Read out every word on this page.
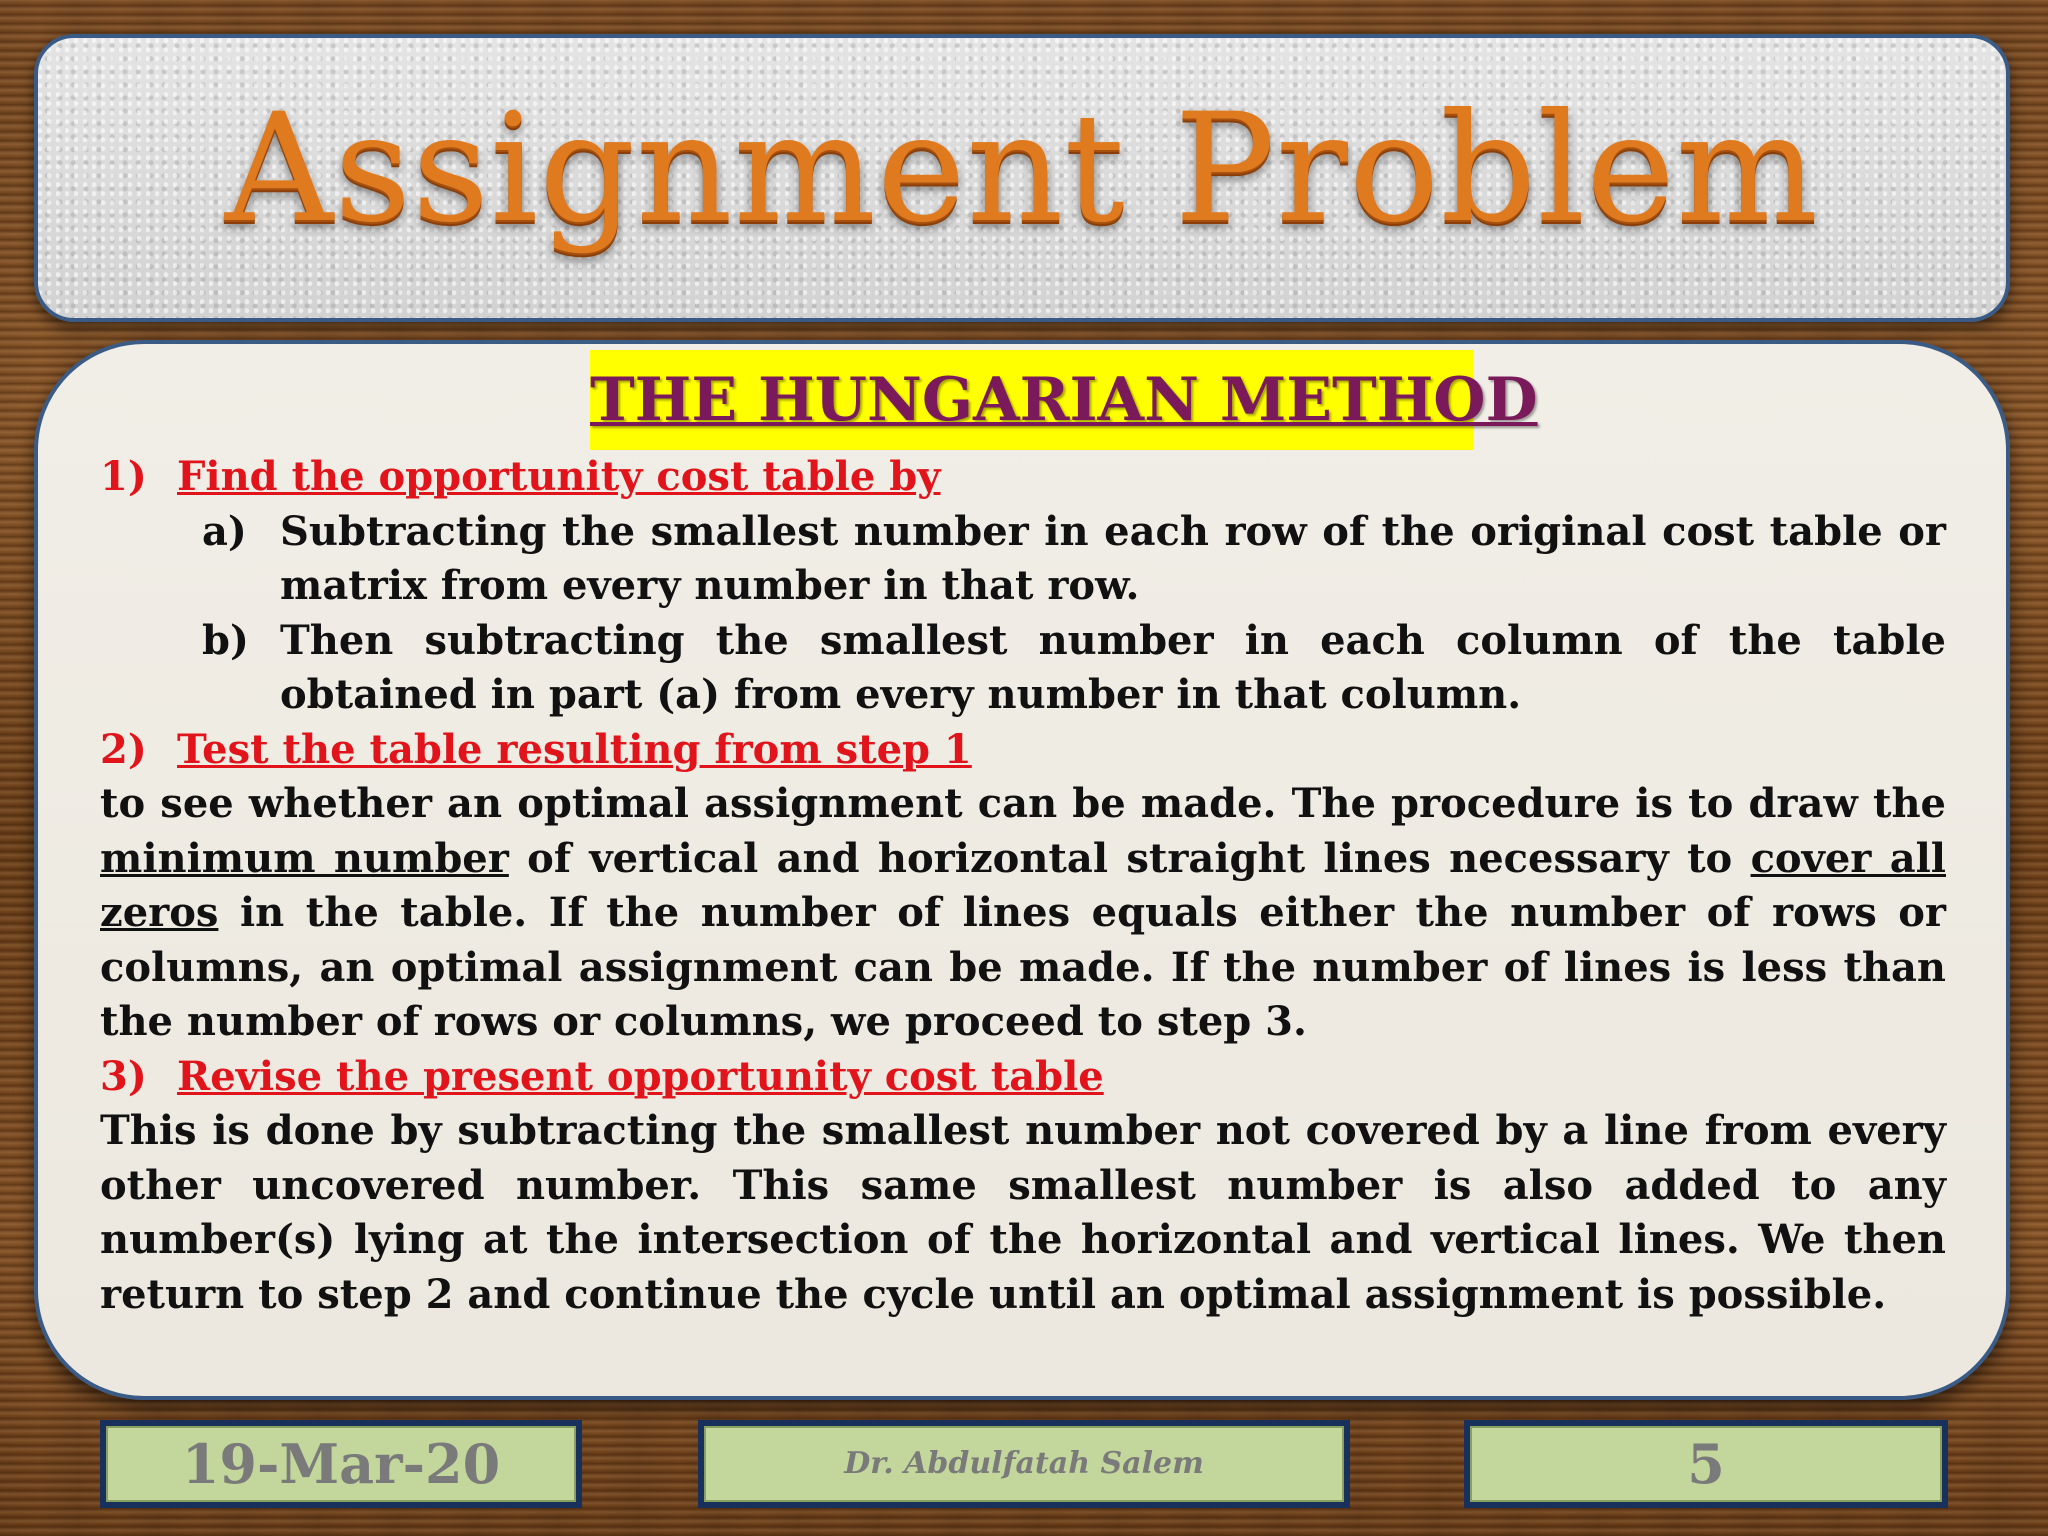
Assignment Problem
THE HUNGARIAN METHOD
1) Find the opportunity cost table by
a) Subtracting the smallest number in each row of the original cost table or matrix from every number in that row.
b) Then subtracting the smallest number in each column of the table obtained in part (a) from every number in that column.
2) Test the table resulting from step 1
to see whether an optimal assignment can be made. The procedure is to draw the minimum number of vertical and horizontal straight lines necessary to cover all zeros in the table. If the number of lines equals either the number of rows or columns, an optimal assignment can be made. If the number of lines is less than the number of rows or columns, we proceed to step 3.
3) Revise the present opportunity cost table
This is done by subtracting the smallest number not covered by a line from every other uncovered number. This same smallest number is also added to any number(s) lying at the intersection of the horizontal and vertical lines. We then return to step 2 and continue the cycle until an optimal assignment is possible.
19-Mar-20	Dr. Abdulfatah Salem	5
